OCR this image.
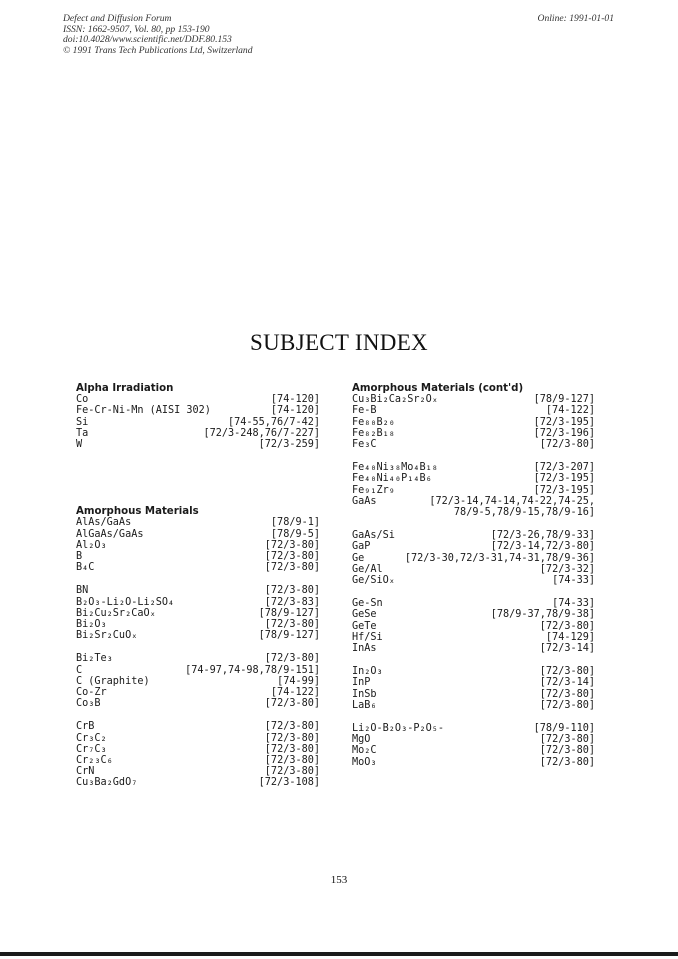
Defect and Diffusion Forum
ISSN: 1662-9507, Vol. 80, pp 153-190
doi:10.4028/www.scientific.net/DDF.80.153
© 1991 Trans Tech Publications Ltd, Switzerland
Online: 1991-01-01
SUBJECT INDEX
Alpha Irradiation
Co	[74-120]
Fe-Cr-Ni-Mn (AISI 302)	[74-120]
Si	[74-55,76/7-42]
Ta	[72/3-248,76/7-227]
W	[72/3-259]
Amorphous Materials
AlAs/GaAs	[78/9-1]
AlGaAs/GaAs	[78/9-5]
Al₂O₃	[72/3-80]
B	[72/3-80]
B₄C	[72/3-80]
BN	[72/3-80]
B₂O₃-Li₂O-Li₂SO₄	[72/3-83]
Bi₂Cu₂Sr₂CaOₓ	[78/9-127]
Bi₂O₃	[72/3-80]
Bi₂Sr₂CuOₓ	[78/9-127]
Bi₂Te₃	[72/3-80]
C	[74-97,74-98,78/9-151]
C (Graphite)	[74-99]
Co-Zr	[74-122]
Co₃B	[72/3-80]
CrB	[72/3-80]
Cr₃C₂	[72/3-80]
Cr₇C₃	[72/3-80]
Cr₂₃C₆	[72/3-80]
CrN	[72/3-80]
Cu₃Ba₂GdO₇	[72/3-108]
Amorphous Materials (cont'd)
Cu₃Bi₂Ca₂Sr₂Oₓ	[78/9-127]
Fe-B	[74-122]
Fe₈₀B₂₀	[72/3-195]
Fe₈₂B₁₈	[72/3-196]
Fe₃C	[72/3-80]
Fe₄₀Ni₃₈Mo₄B₁₈	[72/3-207]
Fe₄₀Ni₄₀P₁₄B₆	[72/3-195]
Fe₉₁Zr₉	[72/3-195]
GaAs	[72/3-14,74-14,74-22,74-25,
78/9-5,78/9-15,78/9-16]
GaAs/Si	[72/3-26,78/9-33]
GaP	[72/3-14,72/3-80]
Ge	[72/3-30,72/3-31,74-31,78/9-36]
Ge/Al	[72/3-32]
Ge/SiOₓ	[74-33]
Ge-Sn	[74-33]
GeSe	[78/9-37,78/9-38]
GeTe	[72/3-80]
Hf/Si	[74-129]
InAs	[72/3-14]
In₂O₃	[72/3-80]
InP	[72/3-14]
InSb	[72/3-80]
LaB₆	[72/3-80]
Li₂O-B₂O₃-P₂O₅-	[78/9-110]
MgO	[72/3-80]
Mo₂C	[72/3-80]
MoO₃	[72/3-80]
153
